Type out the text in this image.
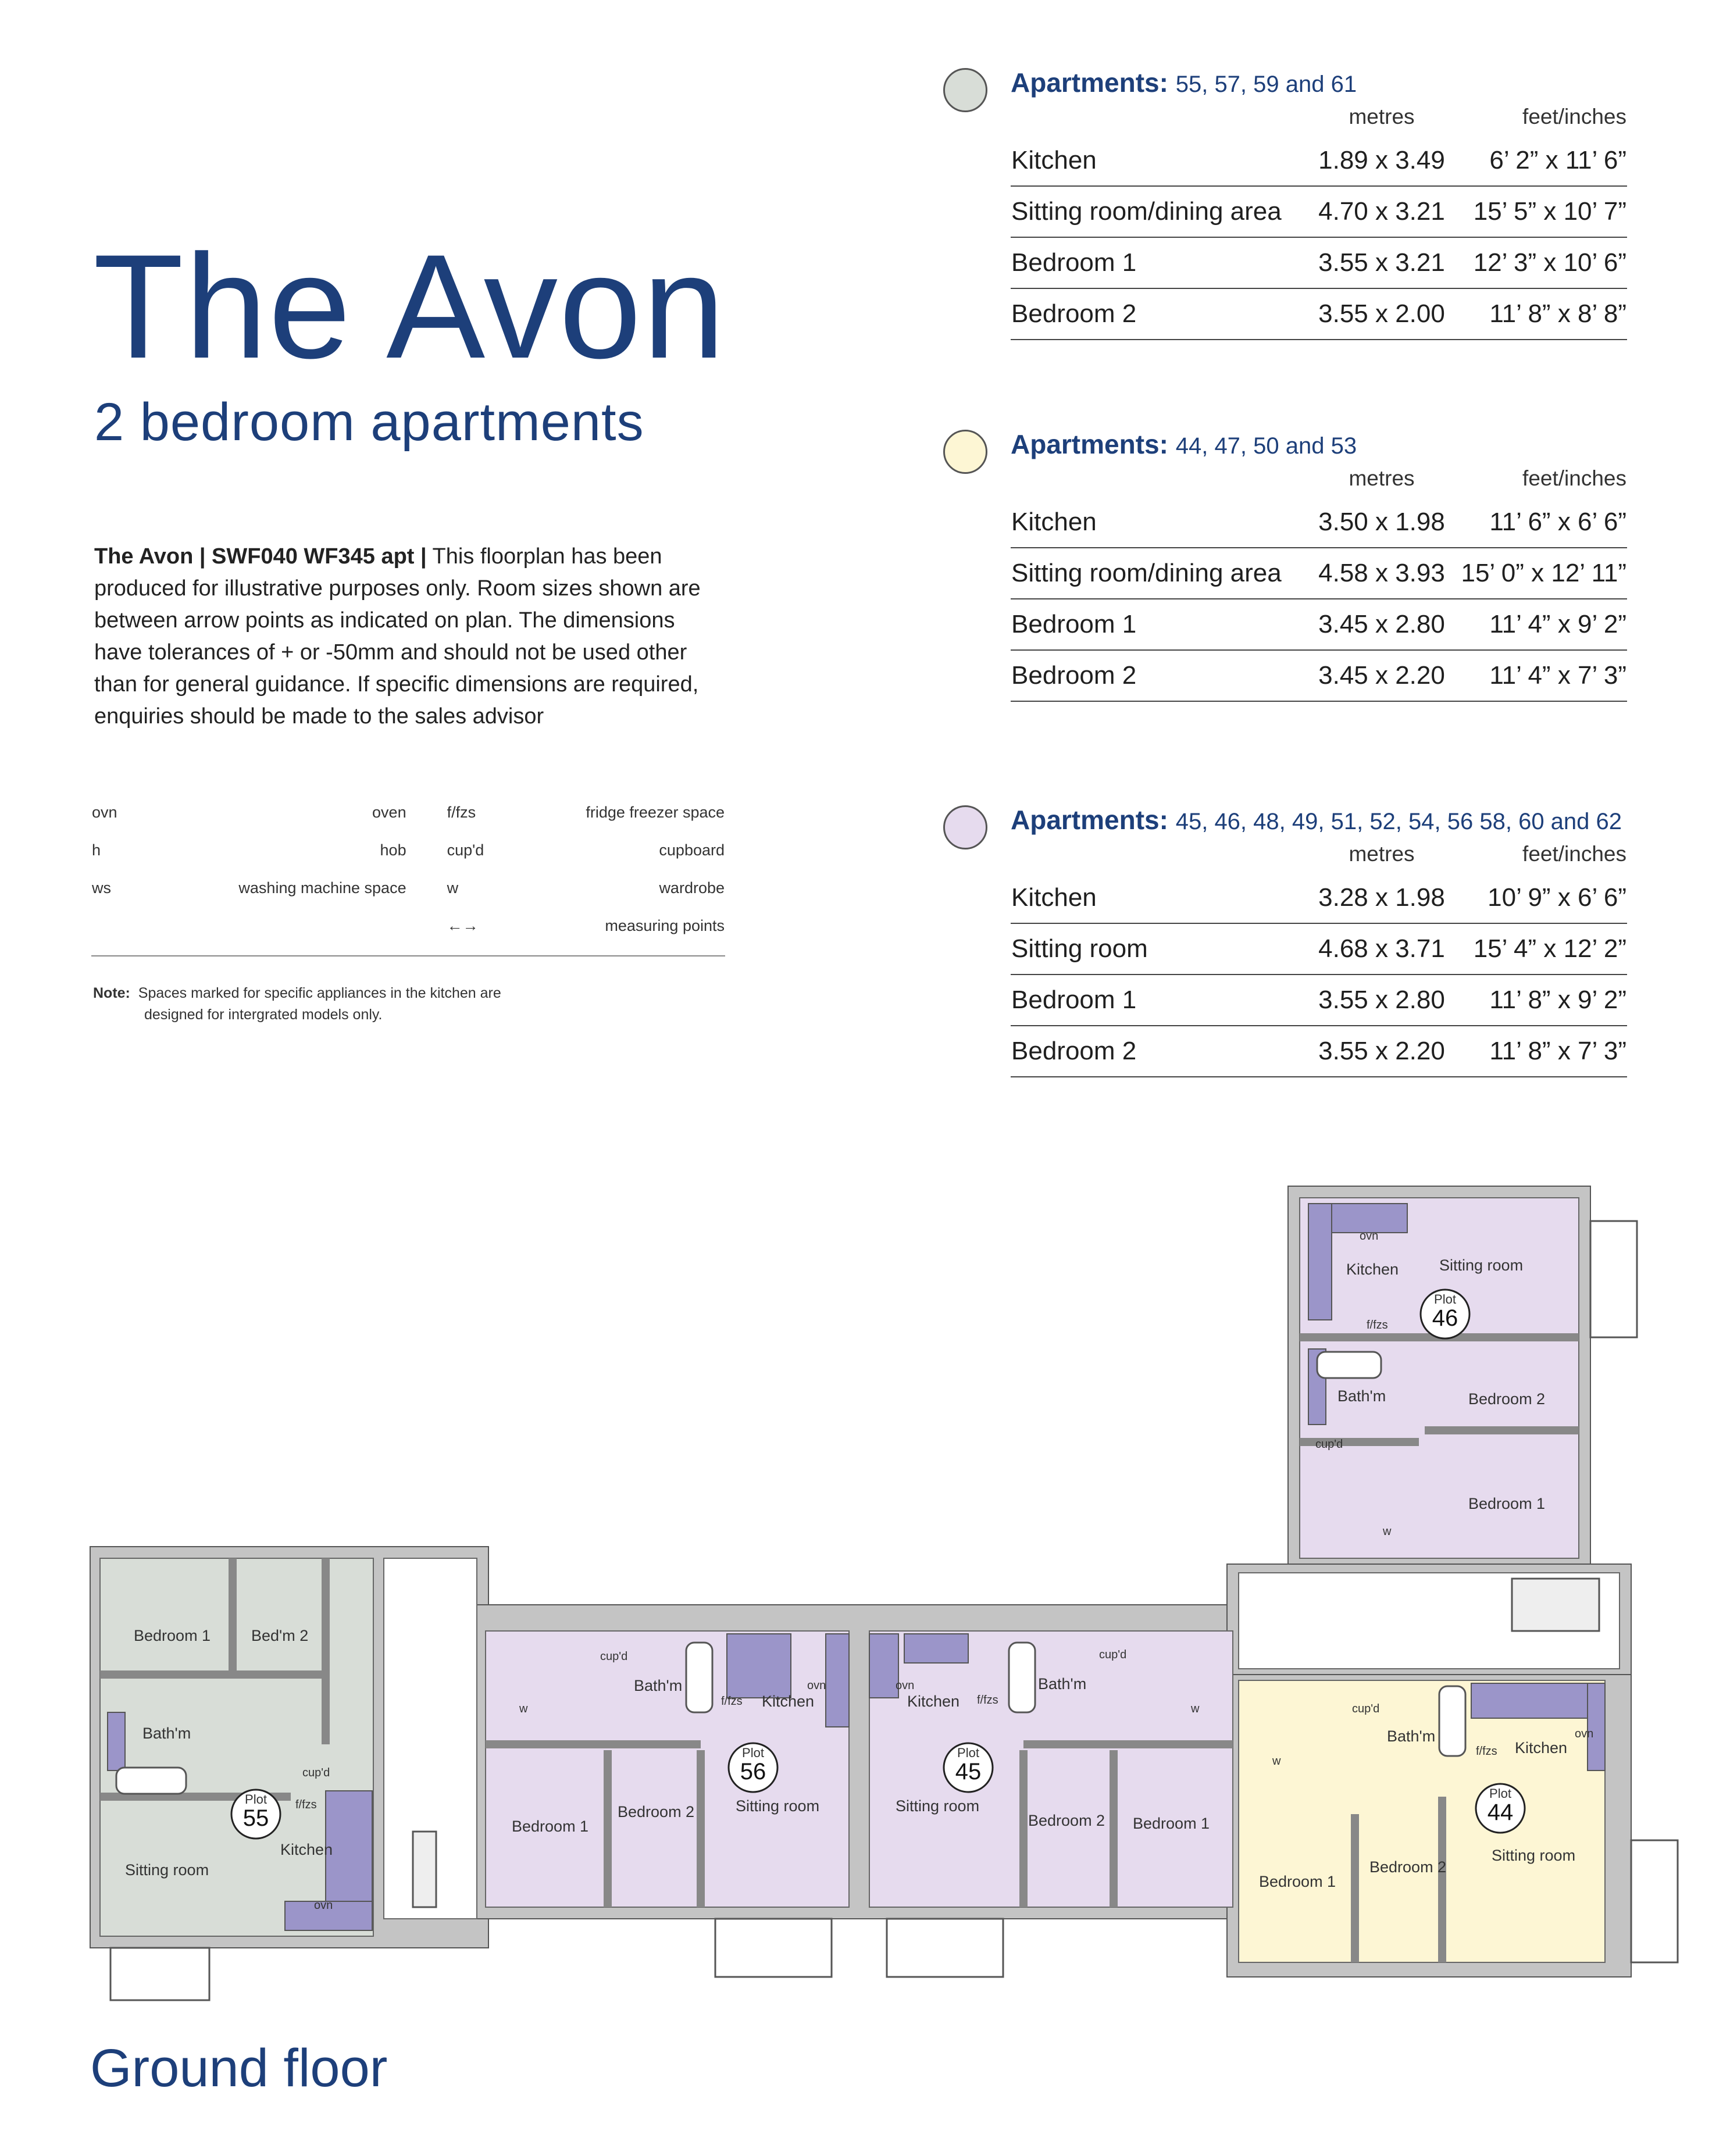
The Avon
2 bedroom apartments
The Avon | SWF040 WF345 apt | This floorplan has been produced for illustrative purposes only. Room sizes shown are between arrow points as indicated on plan. The dimensions have tolerances of + or -50mm and should not be used other than for general guidance. If specific dimensions are required, enquiries should be made to the sales advisor
ovn	oven	f/fzs	fridge freezer space
h	hob	cup'd	cupboard
ws	washing machine space	w	wardrobe
		←→	measuring points
Note: Spaces marked for specific appliances in the kitchen are
designed for intergrated models only.
Apartments: 55, 57, 59 and 61
	metres	feet/inches
Kitchen	1.89 x 3.49	6’ 2” x 11’ 6”
Sitting room/dining area	4.70 x 3.21	15’ 5” x 10’ 7”
Bedroom 1	3.55 x 3.21	12’ 3” x 10’ 6”
Bedroom 2	3.55 x 2.00	11’ 8” x 8’ 8”
Apartments: 44, 47, 50 and 53
	metres	feet/inches
Kitchen	3.50 x 1.98	11’ 6” x 6’ 6”
Sitting room/dining area	4.58 x 3.93	15’ 0” x 12’ 11”
Bedroom 1	3.45 x 2.80	11’ 4” x 9’ 2”
Bedroom 2	3.45 x 2.20	11’ 4” x 7’ 3”
Apartments: 45, 46, 48, 49, 51, 52, 54, 56 58, 60 and 62
	metres	feet/inches
Kitchen	3.28 x 1.98	10’ 9” x 6’ 6”
Sitting room	4.68 x 3.71	15’ 4” x 12’ 2”
Bedroom 1	3.55 x 2.80	11’ 8” x 9’ 2”
Bedroom 2	3.55 x 2.20	11’ 8” x 7’ 3”
Bedroom 1	Bed'm 2
Bath'm
Kitchen
Sitting room
cup'd
f/fzs
ovn
Bedroom 1
Bedroom 2
Bath'm
Kitchen
Sitting room
cup'd
f/fzs
ovn
w
Bedroom 1
Bedroom 2
Bath'm
Kitchen
Sitting room
cup'd
f/fzs
ovn
w
Bedroom 1
Bedroom 2
Bath'm
Kitchen
Sitting room
cup'd
f/fzs
ovn
w
Kitchen	Sitting room
Bath'm	Bedroom 2
Bedroom 1
cup'd
f/fzs
ovn
w
Plot
55
Plot
56
Plot
45
Plot
44
Plot
46
Ground floor
